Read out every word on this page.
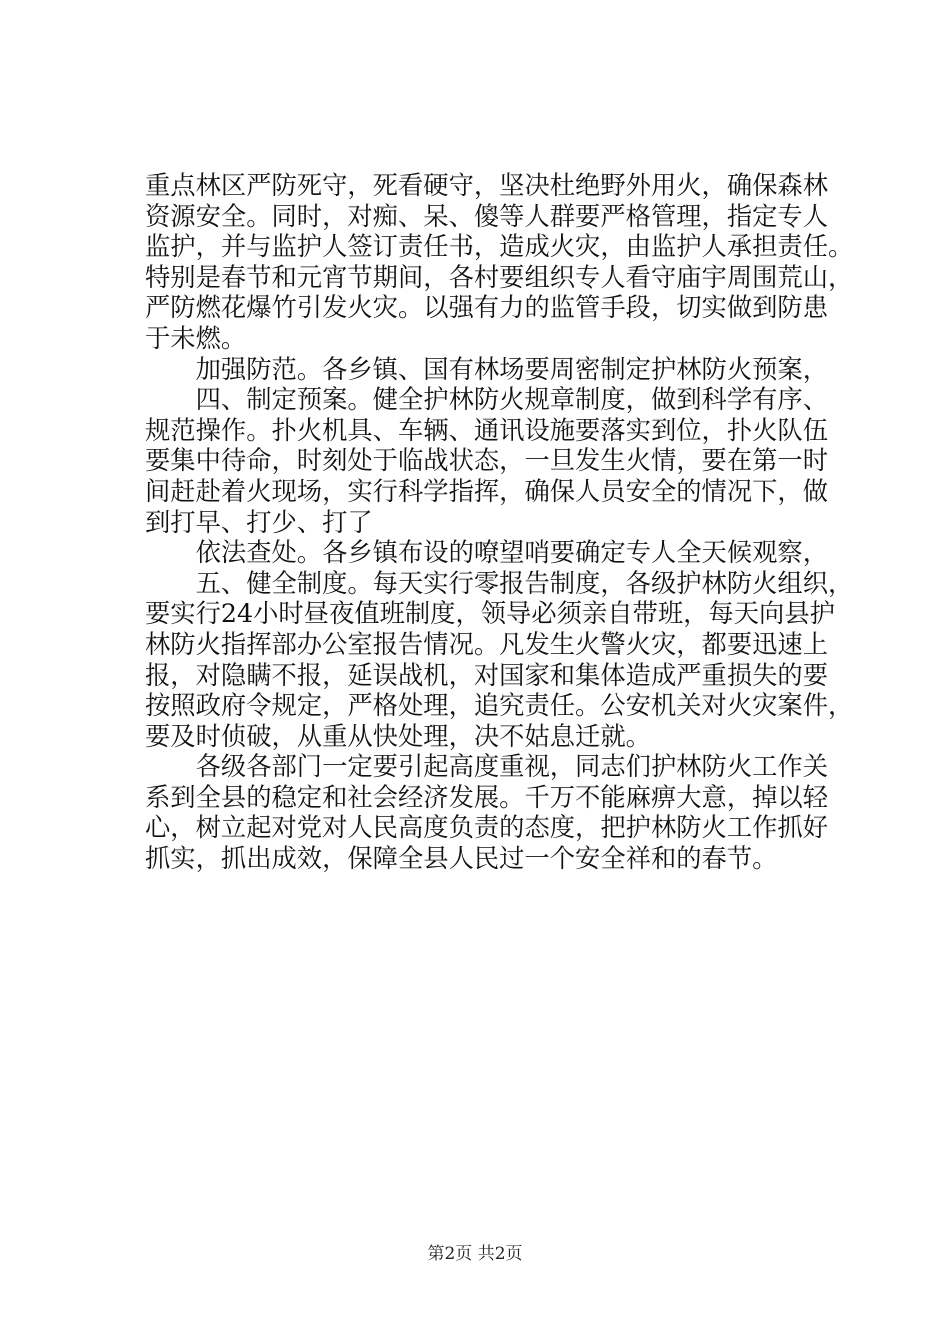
重点林区严防死守，死看硬守，坚决杜绝野外用火，确保森林
资源安全。同时，对痴、呆、傻等人群要严格管理，指定专人
监护，并与监护人签订责任书，造成火灾，由监护人承担责任。
特别是春节和元宵节期间，各村要组织专人看守庙宇周围荒山，
严防燃花爆竹引发火灾。以强有力的监管手段，切实做到防患
于未燃。
　　加强防范。各乡镇、国有林场要周密制定护林防火预案，
　　四、制定预案。健全护林防火规章制度，做到科学有序、
规范操作。扑火机具、车辆、通讯设施要落实到位，扑火队伍
要集中待命，时刻处于临战状态，一旦发生火情，要在第一时
间赶赴着火现场，实行科学指挥，确保人员安全的情况下，做
到打早、打少、打了
　　依法查处。各乡镇布设的嘹望哨要确定专人全天候观察，
　　五、健全制度。每天实行零报告制度，各级护林防火组织，
要实行24小时昼夜值班制度，领导必须亲自带班，每天向县护
林防火指挥部办公室报告情况。凡发生火警火灾，都要迅速上
报，对隐瞒不报，延误战机，对国家和集体造成严重损失的要
按照政府令规定，严格处理，追究责任。公安机关对火灾案件，
要及时侦破，从重从快处理，决不姑息迁就。
　　各级各部门一定要引起高度重视，同志们护林防火工作关
系到全县的稳定和社会经济发展。千万不能麻痹大意，掉以轻
心，树立起对党对人民高度负责的态度，把护林防火工作抓好
抓实，抓出成效，保障全县人民过一个安全祥和的春节。
第2页 共2页
